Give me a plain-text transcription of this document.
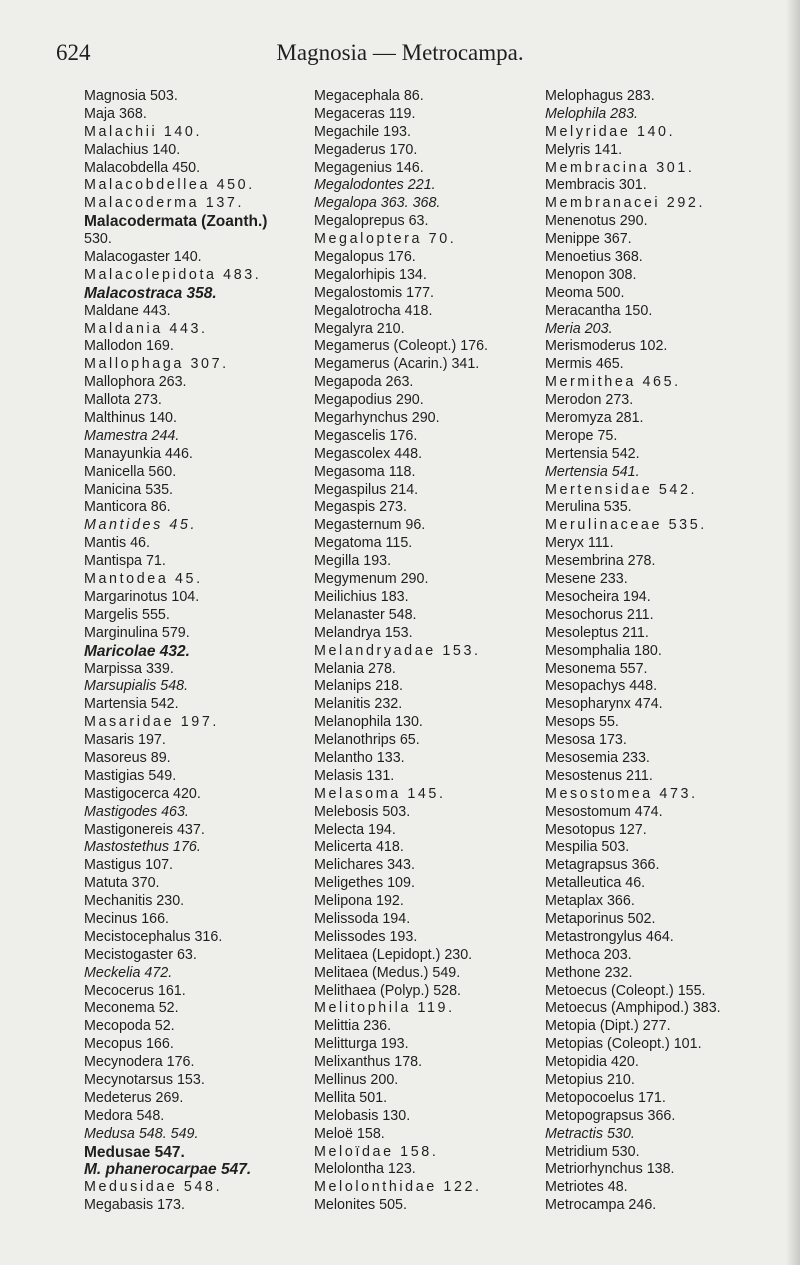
624	Magnosia — Metrocampa.
Magnosia 503.
Maja 368.
Malachii 140.
Malachius 140.
Malacobdella 450.
Malacobdellea 450.
Malacoderma 137.
Malacodermata (Zoanth.)
530.
Malacogaster 140.
Malacolepidota 483.
Malacostraca 358.
Maldane 443.
Maldania 443.
Mallodon 169.
Mallophaga 307.
Mallophora 263.
Mallota 273.
Malthinus 140.
Mamestra 244.
Manayunkia 446.
Manicella 560.
Manicina 535.
Manticora 86.
Mantides 45.
Mantis 46.
Mantispa 71.
Mantodea 45.
Margarinotus 104.
Margelis 555.
Marginulina 579.
Maricolae 432.
Marpissa 339.
Marsupialis 548.
Martensia 542.
Masaridae 197.
Masaris 197.
Masoreus 89.
Mastigias 549.
Mastigocerca 420.
Mastigodes 463.
Mastigonereis 437.
Mastostethus 176.
Mastigus 107.
Matuta 370.
Mechanitis 230.
Mecinus 166.
Mecistocephalus 316.
Mecistogaster 63.
Meckelia 472.
Mecocerus 161.
Meconema 52.
Mecopoda 52.
Mecopus 166.
Mecynodera 176.
Mecynotarsus 153.
Medeterus 269.
Medora 548.
Medusa 548. 549.
Medusae 547.
M. phanerocarpae 547.
Medusidae 548.
Megabasis 173.
Megacephala 86.
Megaceras 119.
Megachile 193.
Megaderus 170.
Megagenius 146.
Megalodontes 221.
Megalopa 363. 368.
Megaloprepus 63.
Megaloptera 70.
Megalopus 176.
Megalorhipis 134.
Megalostomis 177.
Megalotrocha 418.
Megalyra 210.
Megamerus (Coleopt.) 176.
Megamerus (Acarin.) 341.
Megapoda 263.
Megapodius 290.
Megarhynchus 290.
Megascelis 176.
Megascolex 448.
Megasoma 118.
Megaspilus 214.
Megaspis 273.
Megasternum 96.
Megatoma 115.
Megilla 193.
Megymenum 290.
Meilichius 183.
Melanaster 548.
Melandrya 153.
Melandryadae 153.
Melania 278.
Melanips 218.
Melanitis 232.
Melanophila 130.
Melanothrips 65.
Melantho 133.
Melasis 131.
Melasoma 145.
Melebosis 503.
Melecta 194.
Melicerta 418.
Melichares 343.
Meligethes 109.
Melipona 192.
Melissoda 194.
Melissodes 193.
Melitaea (Lepidopt.) 230.
Melitaea (Medus.) 549.
Melithaea (Polyp.) 528.
Melitophila 119.
Melittia 236.
Melitturga 193.
Melixanthus 178.
Mellinus 200.
Mellita 501.
Melobasis 130.
Meloë 158.
Meloïdae 158.
Melolontha 123.
Melolonthidae 122.
Melonites 505.
Melophagus 283.
Melophila 283.
Melyridae 140.
Melyris 141.
Membracina 301.
Membracis 301.
Membranacei 292.
Menenotus 290.
Menippe 367.
Menoetius 368.
Menopon 308.
Meoma 500.
Meracantha 150.
Meria 203.
Merismoderus 102.
Mermis 465.
Mermithea 465.
Merodon 273.
Meromyza 281.
Merope 75.
Mertensia 542.
Mertensia 541.
Mertensidae 542.
Merulina 535.
Merulinaceae 535.
Meryx 111.
Mesembrina 278.
Mesene 233.
Mesocheira 194.
Mesochorus 211.
Mesoleptus 211.
Mesomphalia 180.
Mesonema 557.
Mesopachys 448.
Mesopharynx 474.
Mesops 55.
Mesosa 173.
Mesosemia 233.
Mesostenus 211.
Mesostomea 473.
Mesostomum 474.
Mesotopus 127.
Mespilia 503.
Metagrapsus 366.
Metalleutica 46.
Metaplax 366.
Metaporinus 502.
Metastrongylus 464.
Methoca 203.
Methone 232.
Metoecus (Coleopt.) 155.
Metoecus (Amphipod.) 383.
Metopia (Dipt.) 277.
Metopias (Coleopt.) 101.
Metopidia 420.
Metopius 210.
Metopocoelus 171.
Metopograpsus 366.
Metractis 530.
Metridium 530.
Metriorhynchus 138.
Metriotes 48.
Metrocampa 246.
